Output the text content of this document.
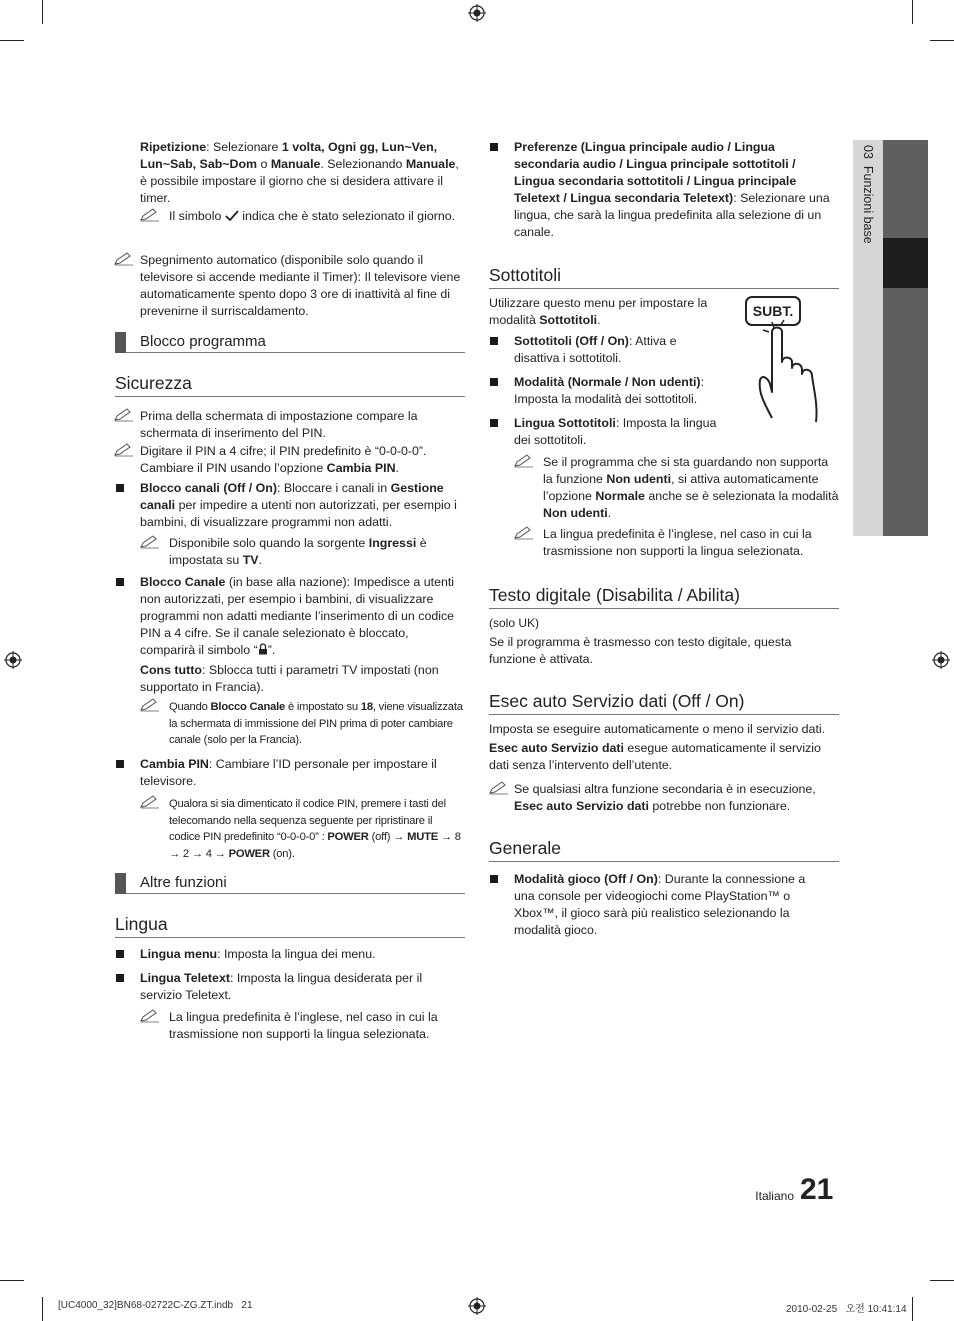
03  Funzioni base
Ripetizione: Selezionare 1 volta, Ogni gg, Lun~Ven, Lun~Sab, Sab~Dom o Manuale. Selezionando Manuale, è possibile impostare il giorno che si desidera attivare il timer.
Il simbolo  indica che è stato selezionato il giorno.
Spegnimento automatico (disponibile solo quando il televisore si accende mediante il Timer): Il televisore viene automaticamente spento dopo 3 ore di inattività al fine di prevenirne il surriscaldamento.
Blocco programma
Sicurezza
Prima della schermata di impostazione compare la schermata di inserimento del PIN.
Digitare il PIN a 4 cifre; il PIN predefinito è “0-0-0-0”. Cambiare il PIN usando l’opzione Cambia PIN.
Blocco canali (Off / On): Bloccare i canali in Gestione canali per impedire a utenti non autorizzati, per esempio i bambini, di visualizzare programmi non adatti.
Disponibile solo quando la sorgente Ingressi è impostata su TV.
Blocco Canale (in base alla nazione): Impedisce a utenti non autorizzati, per esempio i bambini, di visualizzare programmi non adatti mediante l’inserimento di un codice PIN a 4 cifre. Se il canale selezionato è bloccato, comparirà il simbolo “ ”.
Cons tutto: Sblocca tutti i parametri TV impostati (non supportato in Francia).
Quando Blocco Canale è impostato su 18, viene visualizzata la schermata di immissione del PIN prima di poter cambiare canale (solo per la Francia).
Cambia PIN: Cambiare l’ID personale per impostare il televisore.
Qualora si sia dimenticato il codice PIN, premere i tasti del telecomando nella sequenza seguente per ripristinare il codice PIN predefinito “0-0-0-0” : POWER (off) → MUTE → 8 → 2 → 4 → POWER (on).
Altre funzioni
Lingua
Lingua menu: Imposta la lingua dei menu.
Lingua Teletext: Imposta la lingua desiderata per il servizio Teletext.
La lingua predefinita è l’inglese, nel caso in cui la trasmissione non supporti la lingua selezionata.
Preferenze (Lingua principale audio / Lingua secondaria audio / Lingua principale sottotitoli / Lingua secondaria sottotitoli / Lingua principale Teletext / Lingua secondaria Teletext): Selezionare una lingua, che sarà la lingua predefinita alla selezione di un canale.
Sottotitoli
Utilizzare questo menu per impostare la modalità Sottotitoli.
SUBT.
Sottotitoli (Off / On): Attiva e disattiva i sottotitoli.
Modalità (Normale / Non udenti): Imposta la modalità dei sottotitoli.
Lingua Sottotitoli: Imposta la lingua dei sottotitoli.
Se il programma che si sta guardando non supporta la funzione Non udenti, si attiva automaticamente l’opzione Normale anche se è selezionata la modalità Non udenti.
La lingua predefinita è l’inglese, nel caso in cui la trasmissione non supporti la lingua selezionata.
Testo digitale (Disabilita / Abilita)
(solo UK)
Se il programma è trasmesso con testo digitale, questa funzione è attivata.
Esec auto Servizio dati (Off / On)
Imposta se eseguire automaticamente o meno il servizio dati.
Esec auto Servizio dati esegue automaticamente il servizio dati senza l’intervento dell’utente.
Se qualsiasi altra funzione secondaria è in esecuzione, Esec auto Servizio dati potrebbe non funzionare.
Generale
Modalità gioco (Off / On): Durante la connessione a una console per videogiochi come PlayStation™ o Xbox™, il gioco sarà più realistico selezionando la modalità gioco.
Italiano 21
[UC4000_32]BN68-02722C-ZG.ZT.indb   21	2010-02-25   오전 10:41:14
